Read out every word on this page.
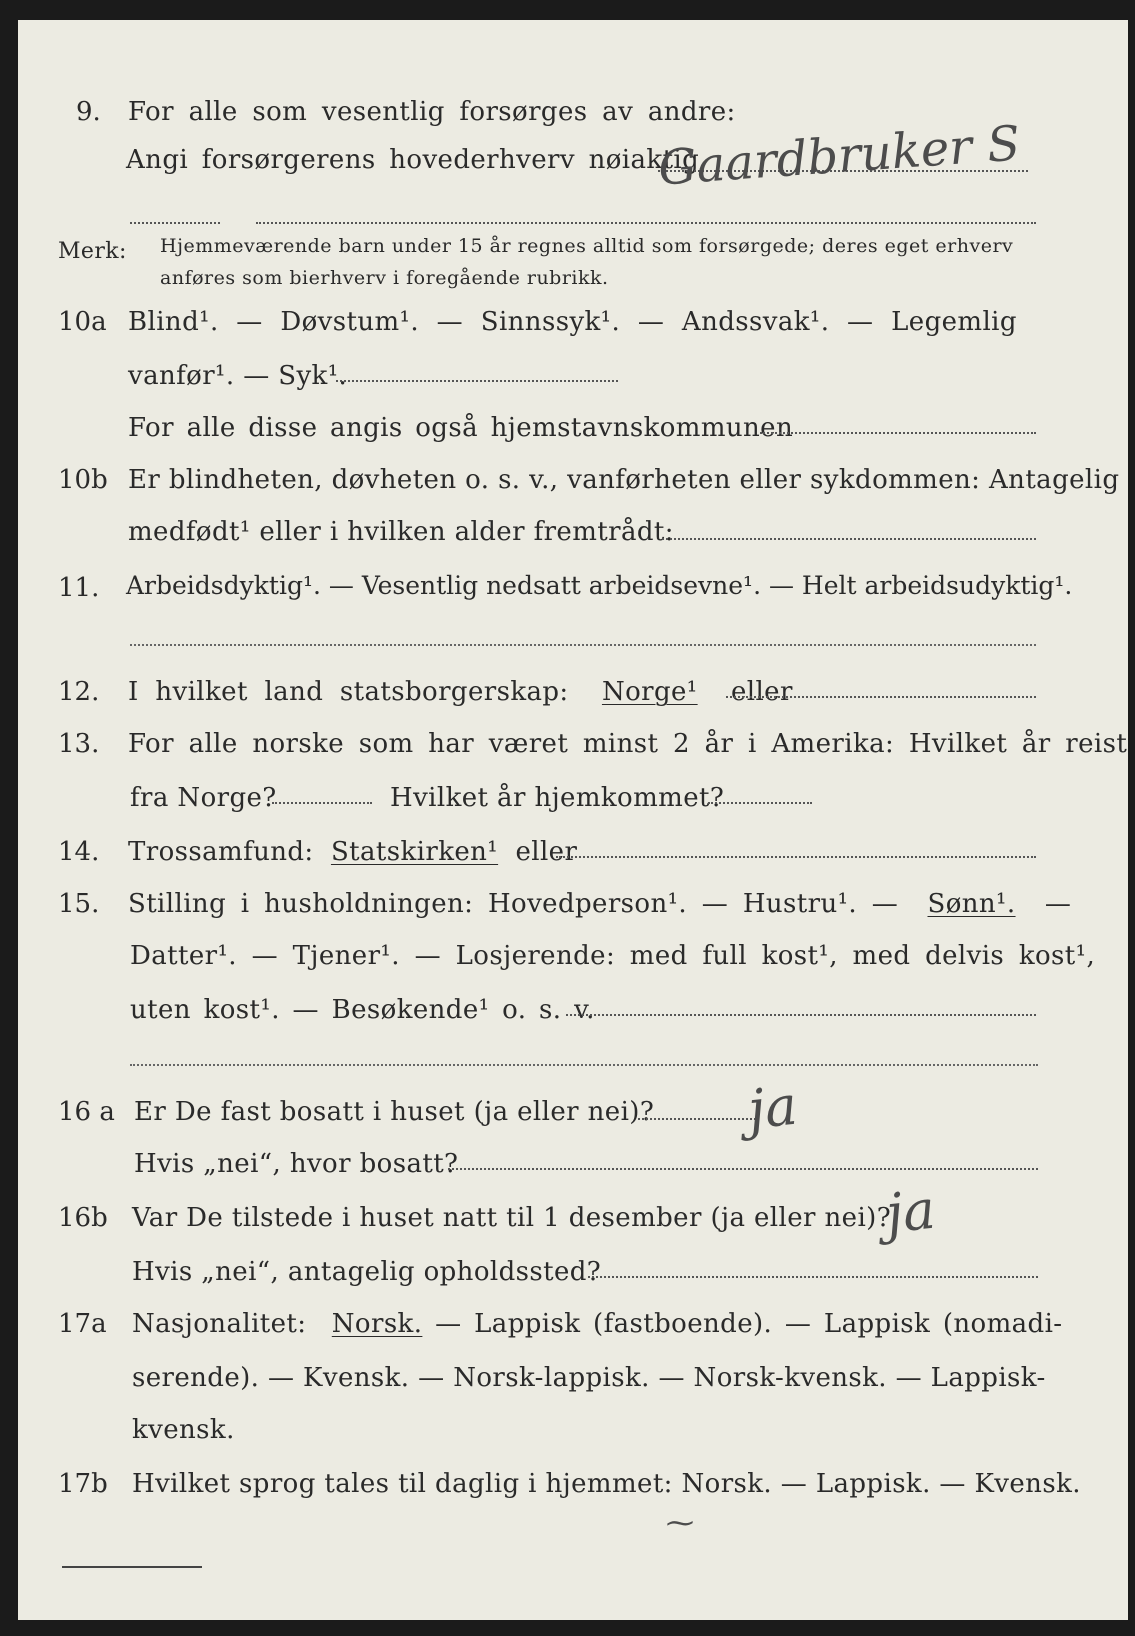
9. For alle som vesentlig forsørges av andre:
Angi forsørgerens hovederhverv nøiaktig
Gaardbruker S
Merk: Hjemmeværende barn under 15 år regnes alltid som forsørgede; deres eget erhverv
anføres som bierhverv i foregående rubrikk.
10a Blind¹. — Døvstum¹. — Sinnssyk¹. — Andssvak¹. — Legemlig
vanfør¹. — Syk¹.
For alle disse angis også hjemstavnskommunen
10b Er blindheten, døvheten o. s. v., vanførheten eller sykdommen: Antagelig
medfødt¹ eller i hvilken alder fremtrådt:
11. Arbeidsdyktig¹. — Vesentlig nedsatt arbeidsevne¹. — Helt arbeidsudyktig¹.
12. I hvilket land statsborgerskap: Norge¹ eller
13. For alle norske som har været minst 2 år i Amerika: Hvilket år reist
fra Norge?	Hvilket år hjemkommet?
14. Trossamfund: Statskirken¹ eller
15. Stilling i husholdningen: Hovedperson¹. — Hustru¹. — Sønn¹. —
Datter¹. — Tjener¹. — Losjerende: med full kost¹, med delvis kost¹,
uten kost¹. — Besøkende¹ o. s. v.
16 a Er De fast bosatt i huset (ja eller nei)? ja
Hvis „nei“, hvor bosatt?
16b Var De tilstede i huset natt til 1 desember (ja eller nei)?
ja
Hvis „nei“, antagelig opholdssted?
17a Nasjonalitet: Norsk. — Lappisk (fastboende). — Lappisk (nomadi-
serende). — Kvensk. — Norsk-lappisk. — Norsk-kvensk. — Lappisk-
kvensk.
17b Hvilket sprog tales til daglig i hjemmet: Norsk. — Lappisk. — Kvensk.
⁓
